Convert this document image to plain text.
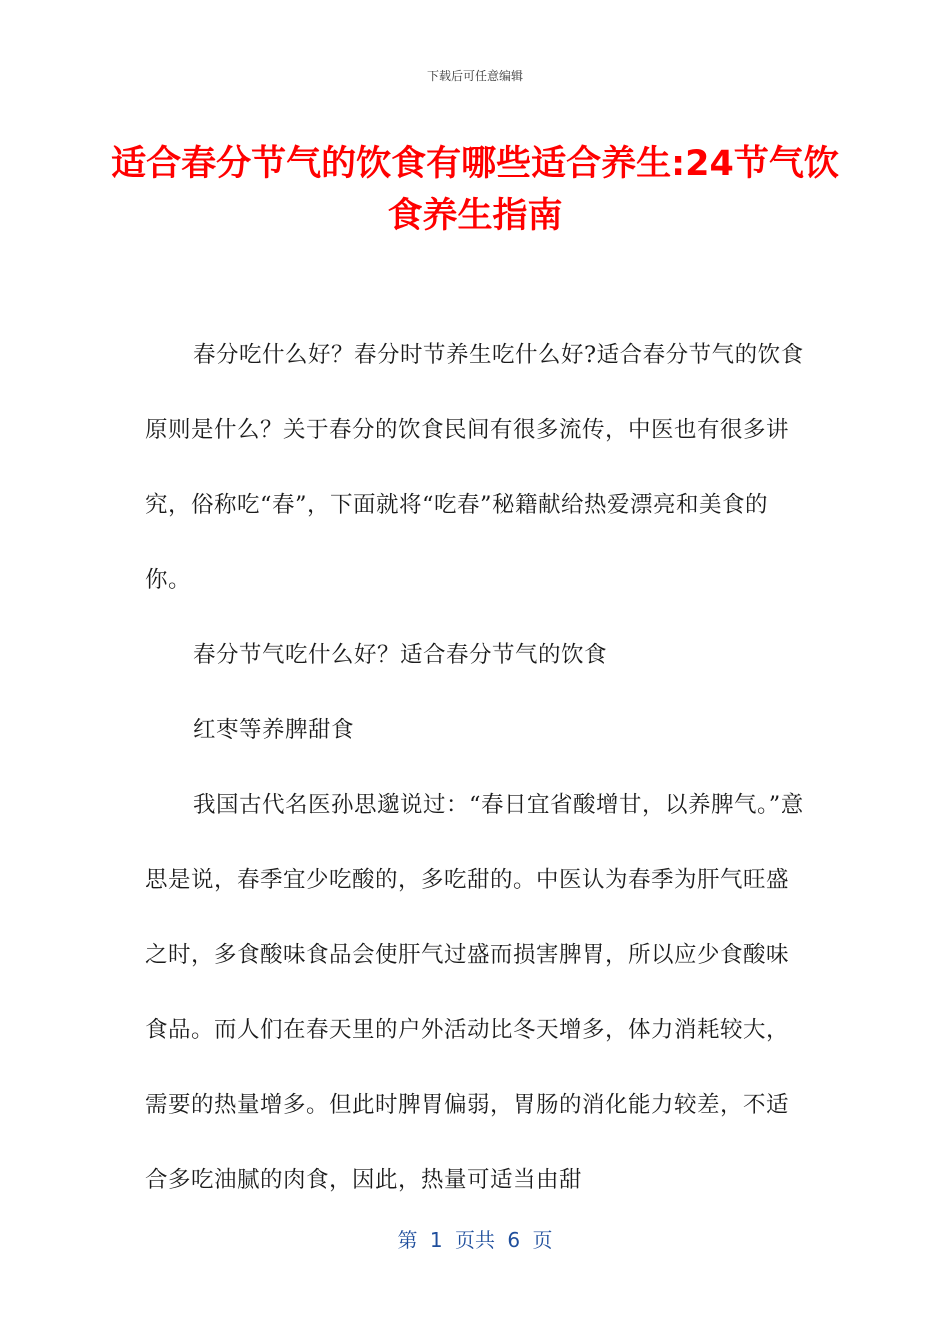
下载后可任意编辑
适合春分节气的饮食有哪些适合养生:24节气饮食养生指南

春分吃什么好？春分时节养生吃什么好?适合春分节气的饮食原则是什么？关于春分的饮食民间有很多流传，中医也有很多讲究，俗称吃“春”，下面就将“吃春”秘籍献给热爱漂亮和美食的你。

春分节气吃什么好？适合春分节气的饮食

红枣等养脾甜食

我国古代名医孙思邈说过：“春日宜省酸增甘，以养脾气。”意思是说，春季宜少吃酸的，多吃甜的。中医认为春季为肝气旺盛之时，多食酸味食品会使肝气过盛而损害脾胃，所以应少食酸味食品。而人们在春天里的户外活动比冬天增多，体力消耗较大，需要的热量增多。但此时脾胃偏弱，胃肠的消化能力较差，不适合多吃油腻的肉食，因此，热量可适当由甜

第 1 页共 6 页
